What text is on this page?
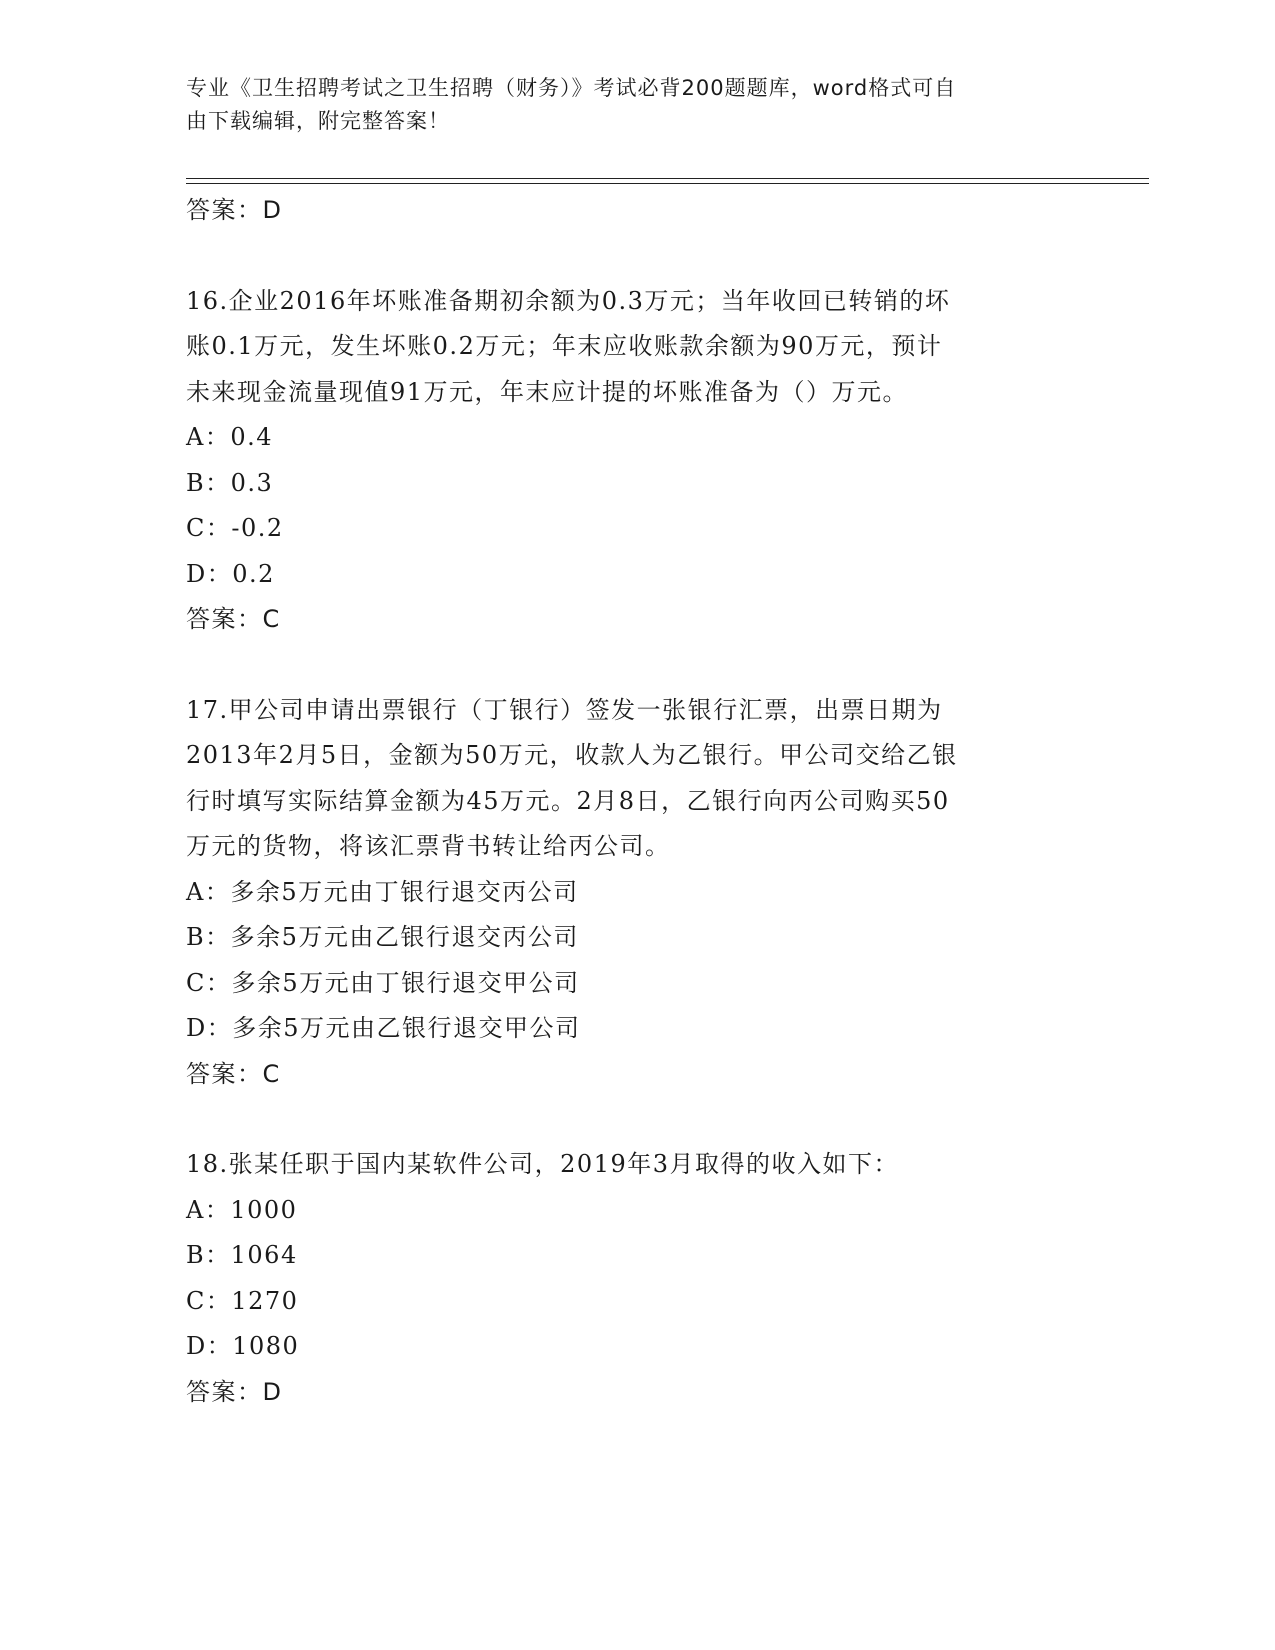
专业《卫生招聘考试之卫生招聘（财务）》考试必背200题题库，word格式可自
由下载编辑，附完整答案！

答案：D

16.企业2016年坏账准备期初余额为0.3万元；当年收回已转销的坏

账0.1万元，发生坏账0.2万元；年末应收账款余额为90万元，预计

未来现金流量现值91万元，年末应计提的坏账准备为（）万元。

A：0.4

B：0.3

C：-0.2

D：0.2

答案：C

17.甲公司申请出票银行（丁银行）签发一张银行汇票，出票日期为

2013年2月5日，金额为50万元，收款人为乙银行。甲公司交给乙银

行时填写实际结算金额为45万元。2月8日，乙银行向丙公司购买50

万元的货物，将该汇票背书转让给丙公司。

A：多余5万元由丁银行退交丙公司

B：多余5万元由乙银行退交丙公司

C：多余5万元由丁银行退交甲公司

D：多余5万元由乙银行退交甲公司

答案：C

18.张某任职于国内某软件公司，2019年3月取得的收入如下：

A：1000

B：1064

C：1270

D：1080

答案：D
